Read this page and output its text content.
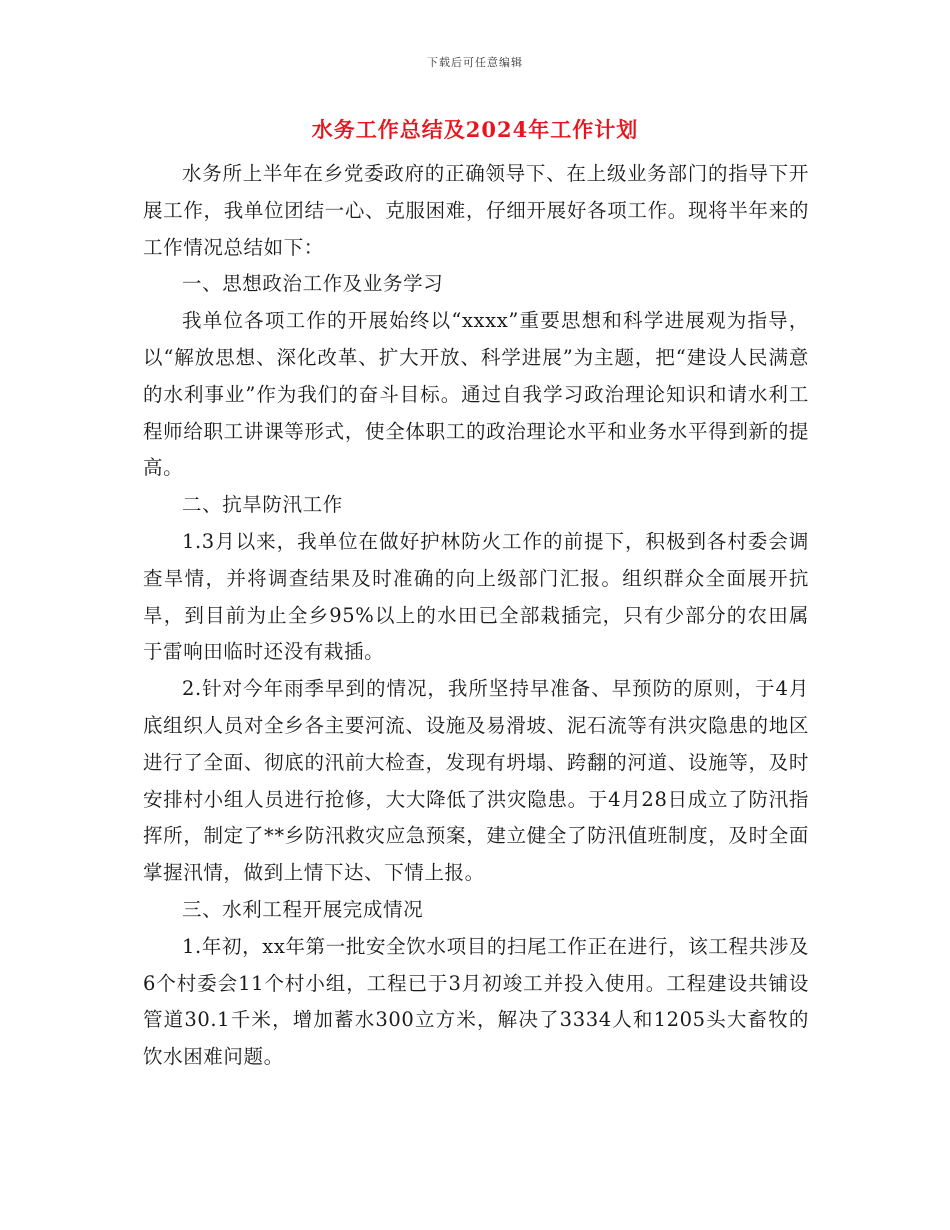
下载后可任意编辑
水务工作总结及2024年工作计划

水务所上半年在乡党委政府的正确领导下、在上级业务部门的指导下开展工作，我单位团结一心、克服困难，仔细开展好各项工作。现将半年来的工作情况总结如下：

一、思想政治工作及业务学习

我单位各项工作的开展始终以“xxxx”重要思想和科学进展观为指导，以“解放思想、深化改革、扩大开放、科学进展”为主题，把“建设人民满意的水利事业”作为我们的奋斗目标。通过自我学习政治理论知识和请水利工程师给职工讲课等形式，使全体职工的政治理论水平和业务水平得到新的提高。

二、抗旱防汛工作

1.3月以来，我单位在做好护林防火工作的前提下，积极到各村委会调查旱情，并将调查结果及时准确的向上级部门汇报。组织群众全面展开抗旱，到目前为止全乡95%以上的水田已全部栽插完，只有少部分的农田属于雷响田临时还没有栽插。

2.针对今年雨季早到的情况，我所坚持早准备、早预防的原则，于4月底组织人员对全乡各主要河流、设施及易滑坡、泥石流等有洪灾隐患的地区进行了全面、彻底的汛前大检查，发现有坍塌、跨翻的河道、设施等，及时安排村小组人员进行抢修，大大降低了洪灾隐患。于4月28日成立了防汛指挥所，制定了**乡防汛救灾应急预案，建立健全了防汛值班制度，及时全面掌握汛情，做到上情下达、下情上报。

三、水利工程开展完成情况

1.年初，xx年第一批安全饮水项目的扫尾工作正在进行，该工程共涉及6个村委会11个村小组，工程已于3月初竣工并投入使用。工程建设共铺设管道30.1千米，增加蓄水300立方米，解决了3334人和1205头大畜牧的饮水困难问题。
